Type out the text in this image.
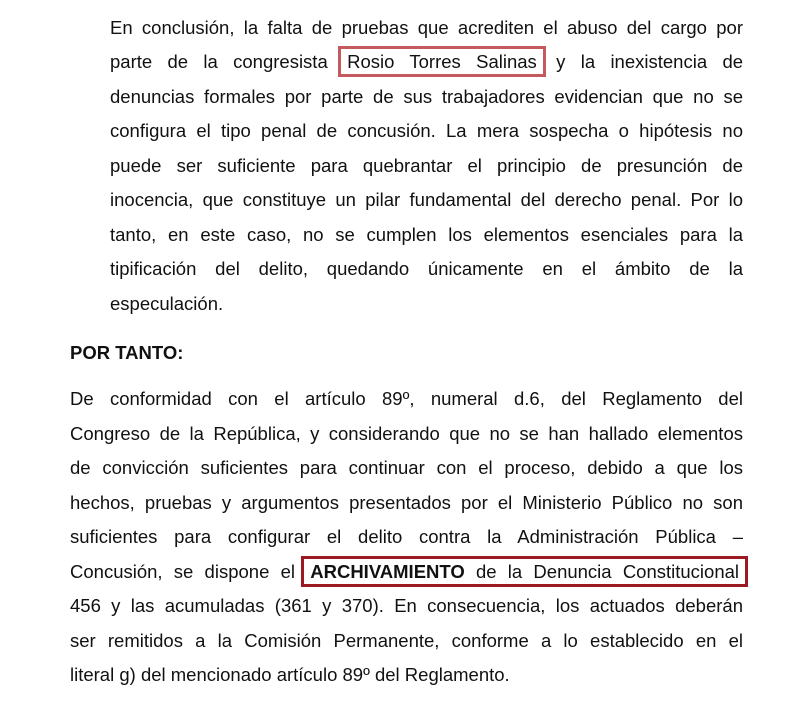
En conclusión, la falta de pruebas que acrediten el abuso del cargo por
parte de la congresista Rosio Torres Salinas y la inexistencia de
denuncias formales por parte de sus trabajadores evidencian que no se
configura el tipo penal de concusión. La mera sospecha o hipótesis no
puede ser suficiente para quebrantar el principio de presunción de
inocencia, que constituye un pilar fundamental del derecho penal. Por lo
tanto, en este caso, no se cumplen los elementos esenciales para la
tipificación del delito, quedando únicamente en el ámbito de la
especulación.
POR TANTO:
De conformidad con el artículo 89º, numeral d.6, del Reglamento del
Congreso de la República, y considerando que no se han hallado elementos
de convicción suficientes para continuar con el proceso, debido a que los
hechos, pruebas y argumentos presentados por el Ministerio Público no son
suficientes para configurar el delito contra la Administración Pública –
Concusión, se dispone el ARCHIVAMIENTO de la Denuncia Constitucional
456 y las acumuladas (361 y 370). En consecuencia, los actuados deberán
ser remitidos a la Comisión Permanente, conforme a lo establecido en el
literal g) del mencionado artículo 89º del Reglamento.
